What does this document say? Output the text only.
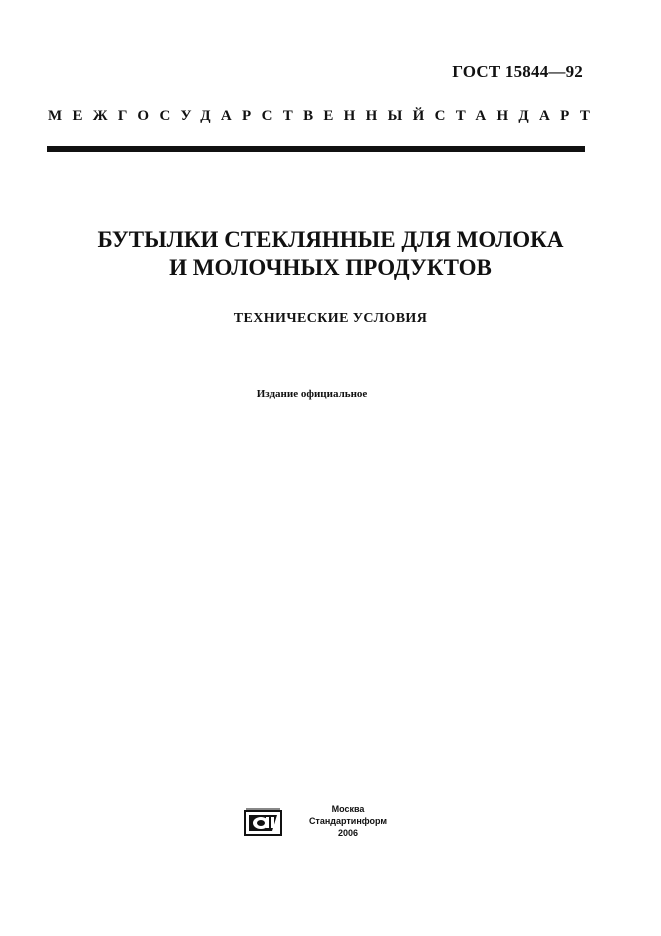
ГОСТ 15844—92
МЕЖГОСУДАРСТВЕННЫЙ СТАНДАРТ
БУТЫЛКИ СТЕКЛЯННЫЕ ДЛЯ МОЛОКА
И МОЛОЧНЫХ ПРОДУКТОВ
ТЕХНИЧЕСКИЕ УСЛОВИЯ
Издание официальное
Москва
Стандартинформ
2006
